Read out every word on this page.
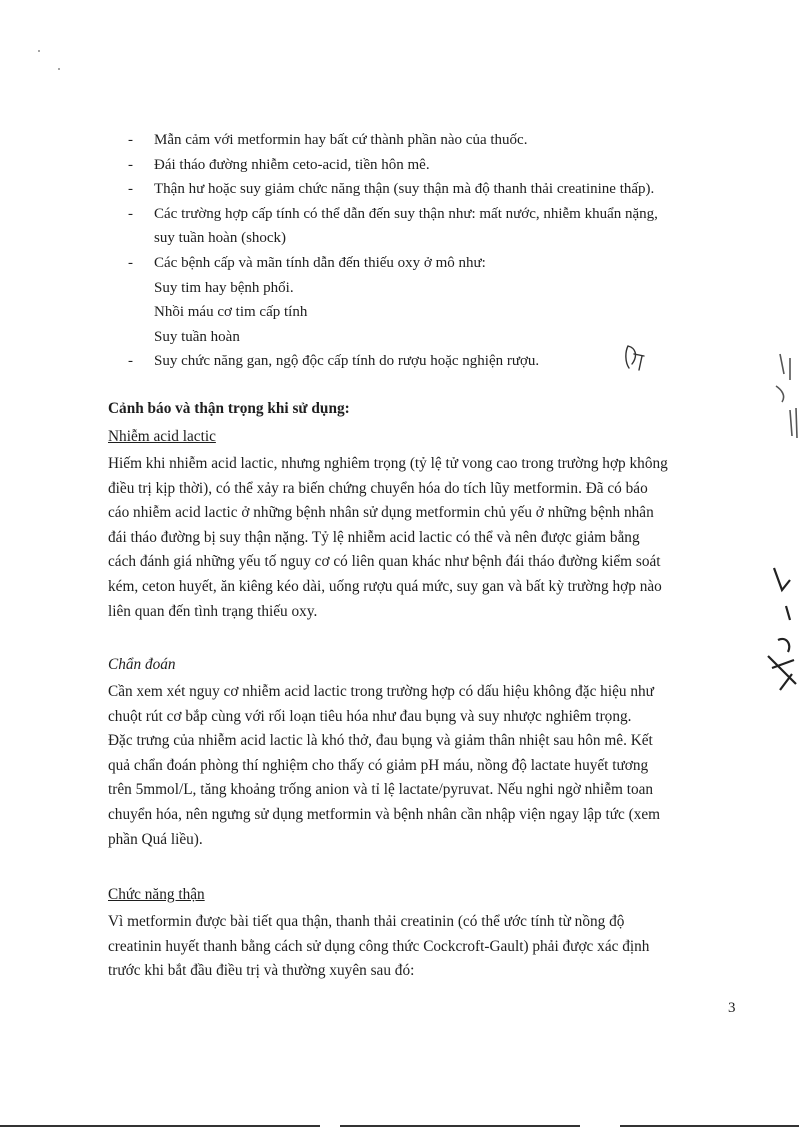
- Mẫn cảm với metformin hay bất cứ thành phần nào của thuốc.
- Đái tháo đường nhiễm ceto-acid, tiền hôn mê.
- Thận hư hoặc suy giảm chức năng thận (suy thận mà độ thanh thải creatinine thấp).
- Các trường hợp cấp tính có thể dẫn đến suy thận như: mất nước, nhiễm khuẩn nặng,
suy tuần hoàn (shock)
- Các bệnh cấp và mãn tính dẫn đến thiếu oxy ở mô như:
Suy tim hay bệnh phổi.
Nhồi máu cơ tim cấp tính
Suy tuần hoàn
- Suy chức năng gan, ngộ độc cấp tính do rượu hoặc nghiện rượu.
Cảnh báo và thận trọng khi sử dụng:
Nhiễm acid lactic
Hiếm khi nhiễm acid lactic, nhưng nghiêm trọng (tỷ lệ tử vong cao trong trường hợp không
điều trị kịp thời), có thể xảy ra biến chứng chuyển hóa do tích lũy metformin. Đã có báo
cáo nhiễm acid lactic ở những bệnh nhân sử dụng metformin chủ yếu ở những bệnh nhân
đái tháo đường bị suy thận nặng. Tỷ lệ nhiễm acid lactic có thể và nên được giảm bằng
cách đánh giá những yếu tố nguy cơ có liên quan khác như bệnh đái tháo đường kiểm soát
kém, ceton huyết, ăn kiêng kéo dài, uống rượu quá mức, suy gan và bất kỳ trường hợp nào
liên quan đến tình trạng thiếu oxy.
Chẩn đoán
Cần xem xét nguy cơ nhiễm acid lactic trong trường hợp có dấu hiệu không đặc hiệu như
chuột rút cơ bắp cùng với rối loạn tiêu hóa như đau bụng và suy nhược nghiêm trọng.
Đặc trưng của nhiễm acid lactic là khó thở, đau bụng và giảm thân nhiệt sau hôn mê. Kết
quả chẩn đoán phòng thí nghiệm cho thấy có giảm pH máu, nồng độ lactate huyết tương
trên 5mmol/L, tăng khoảng trống anion và tỉ lệ lactate/pyruvat. Nếu nghi ngờ nhiễm toan
chuyển hóa, nên ngưng sử dụng metformin và bệnh nhân cần nhập viện ngay lập tức (xem
phần Quá liều).
Chức năng thận
Vì metformin được bài tiết qua thận, thanh thải creatinin (có thể ước tính từ nồng độ
creatinin huyết thanh bằng cách sử dụng công thức Cockcroft-Gault) phải được xác định
trước khi bắt đầu điều trị và thường xuyên sau đó:
3
